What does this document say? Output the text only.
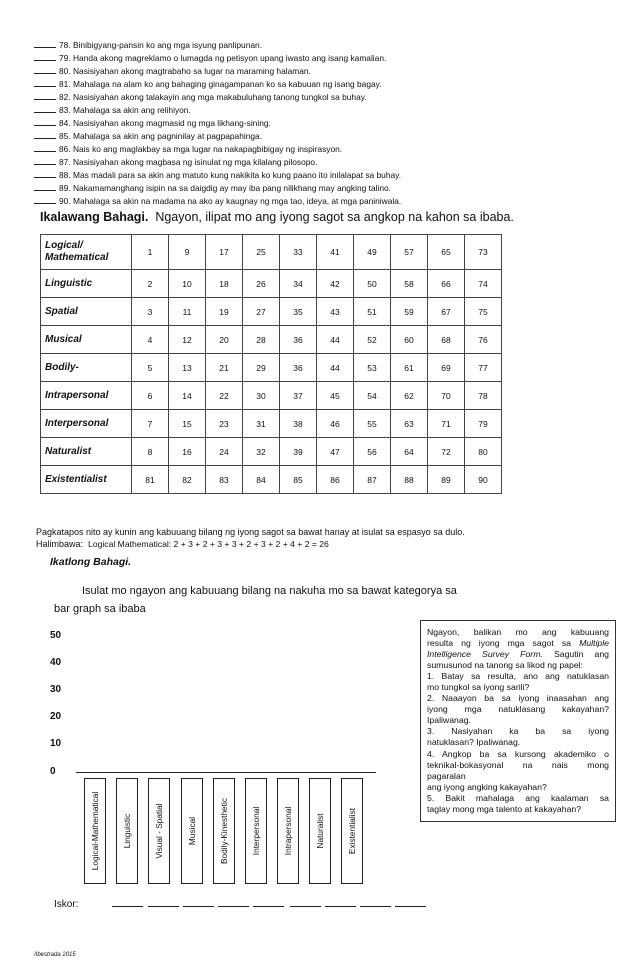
78. Binibigyang-pansin ko ang mga isyung panlipunan.
79. Handa akong magreklamo o lumagda ng petisyon upang iwasto ang isang kamalian.
80. Nasisiyahan akong magtrabaho sa lugar na maraming halaman.
81. Mahalaga na alam ko ang bahaging ginagampanan ko sa kabuuan ng isang bagay.
82. Nasisiyahan akong talakayin ang mga makabuluhang tanong tungkol sa buhay.
83. Mahalaga sa akin ang relihiyon.
84. Nasisiyahan akong magmasid ng mga likhang-sining.
85. Mahalaga sa akin ang pagninilay at pagpapahinga.
86. Nais ko ang maglakbay sa mga lugar na nakapagbibigay ng inspirasyon.
87. Nasisiyahan akong magbasa ng isinulat ng mga kilalang pilosopo.
88. Mas madali para sa akin ang matuto kung nakikita ko kung paano ito inilalapat sa buhay.
89. Nakamamanghang isipin na sa daigdig ay may iba pang nilikhang may angking talino.
90. Mahalaga sa akin na madama na ako ay kaugnay ng mga tao, ideya, at mga paniniwala.
Ikalawang Bahagi. Ngayon, ilipat mo ang iyong sagot sa angkop na kahon sa ibaba.
Logical/ Mathematical	1	9	17	25	33	41	49	57	65	73
Linguistic	2	10	18	26	34	42	50	58	66	74
Spatial	3	11	19	27	35	43	51	59	67	75
Musical	4	12	20	28	36	44	52	60	68	76
Bodily-	5	13	21	29	36	44	53	61	69	77
Intrapersonal	6	14	22	30	37	45	54	62	70	78
Interpersonal	7	15	23	31	38	46	55	63	71	79
Naturalist	8	16	24	32	39	47	56	64	72	80
Existentialist	81	82	83	84	85	86	87	88	89	90
Pagkatapos nito ay kunin ang kabuuang bilang ng iyong sagot sa bawat hanay at isulat sa espasyo sa dulo.
Halimbawa: Logical Mathematical: 2 + 3 + 2 + 3 + 3 + 2 + 3 + 2 + 4 + 2 = 26
Ikatlong Bahagi.
Isulat mo ngayon ang kabuuang bilang na nakuha mo sa bawat kategorya sa
bar graph sa ibaba
50
40
30
20
10
0
Logical-Mathematical	Linguistic	Visual - Spatial	Musical	Bodily-Kinesthetic	Interpersonal	Intrapersonal	Naturalist	Existentialist

Ngayon, balikan mo ang kabuuang

resulta ng iyong mga sagot sa Multiple

Intelligence Survey Form. Sagutin ang

sumusunod na tanong sa likod ng papel:

1. Batay sa resulta, ano ang natuklasan

mo tungkol sa iyong sarili?

2. Naaayon ba sa iyong inaasahan ang

iyong mga natuklasang kakayahan?

Ipaliwanag.

3. Nasiyahan ka ba sa iyong

natuklasan? Ipaliwanag.

4. Angkop ba sa kursong akademiko o

teknikal-bokasyonal na nais mong

pagaralan

ang iyong angking kakayahan?

5. Bakit mahalaga ang kaalaman sa

taglay mong mga talento at kakayahan?

Iskor:
/Ibestrada 2015
